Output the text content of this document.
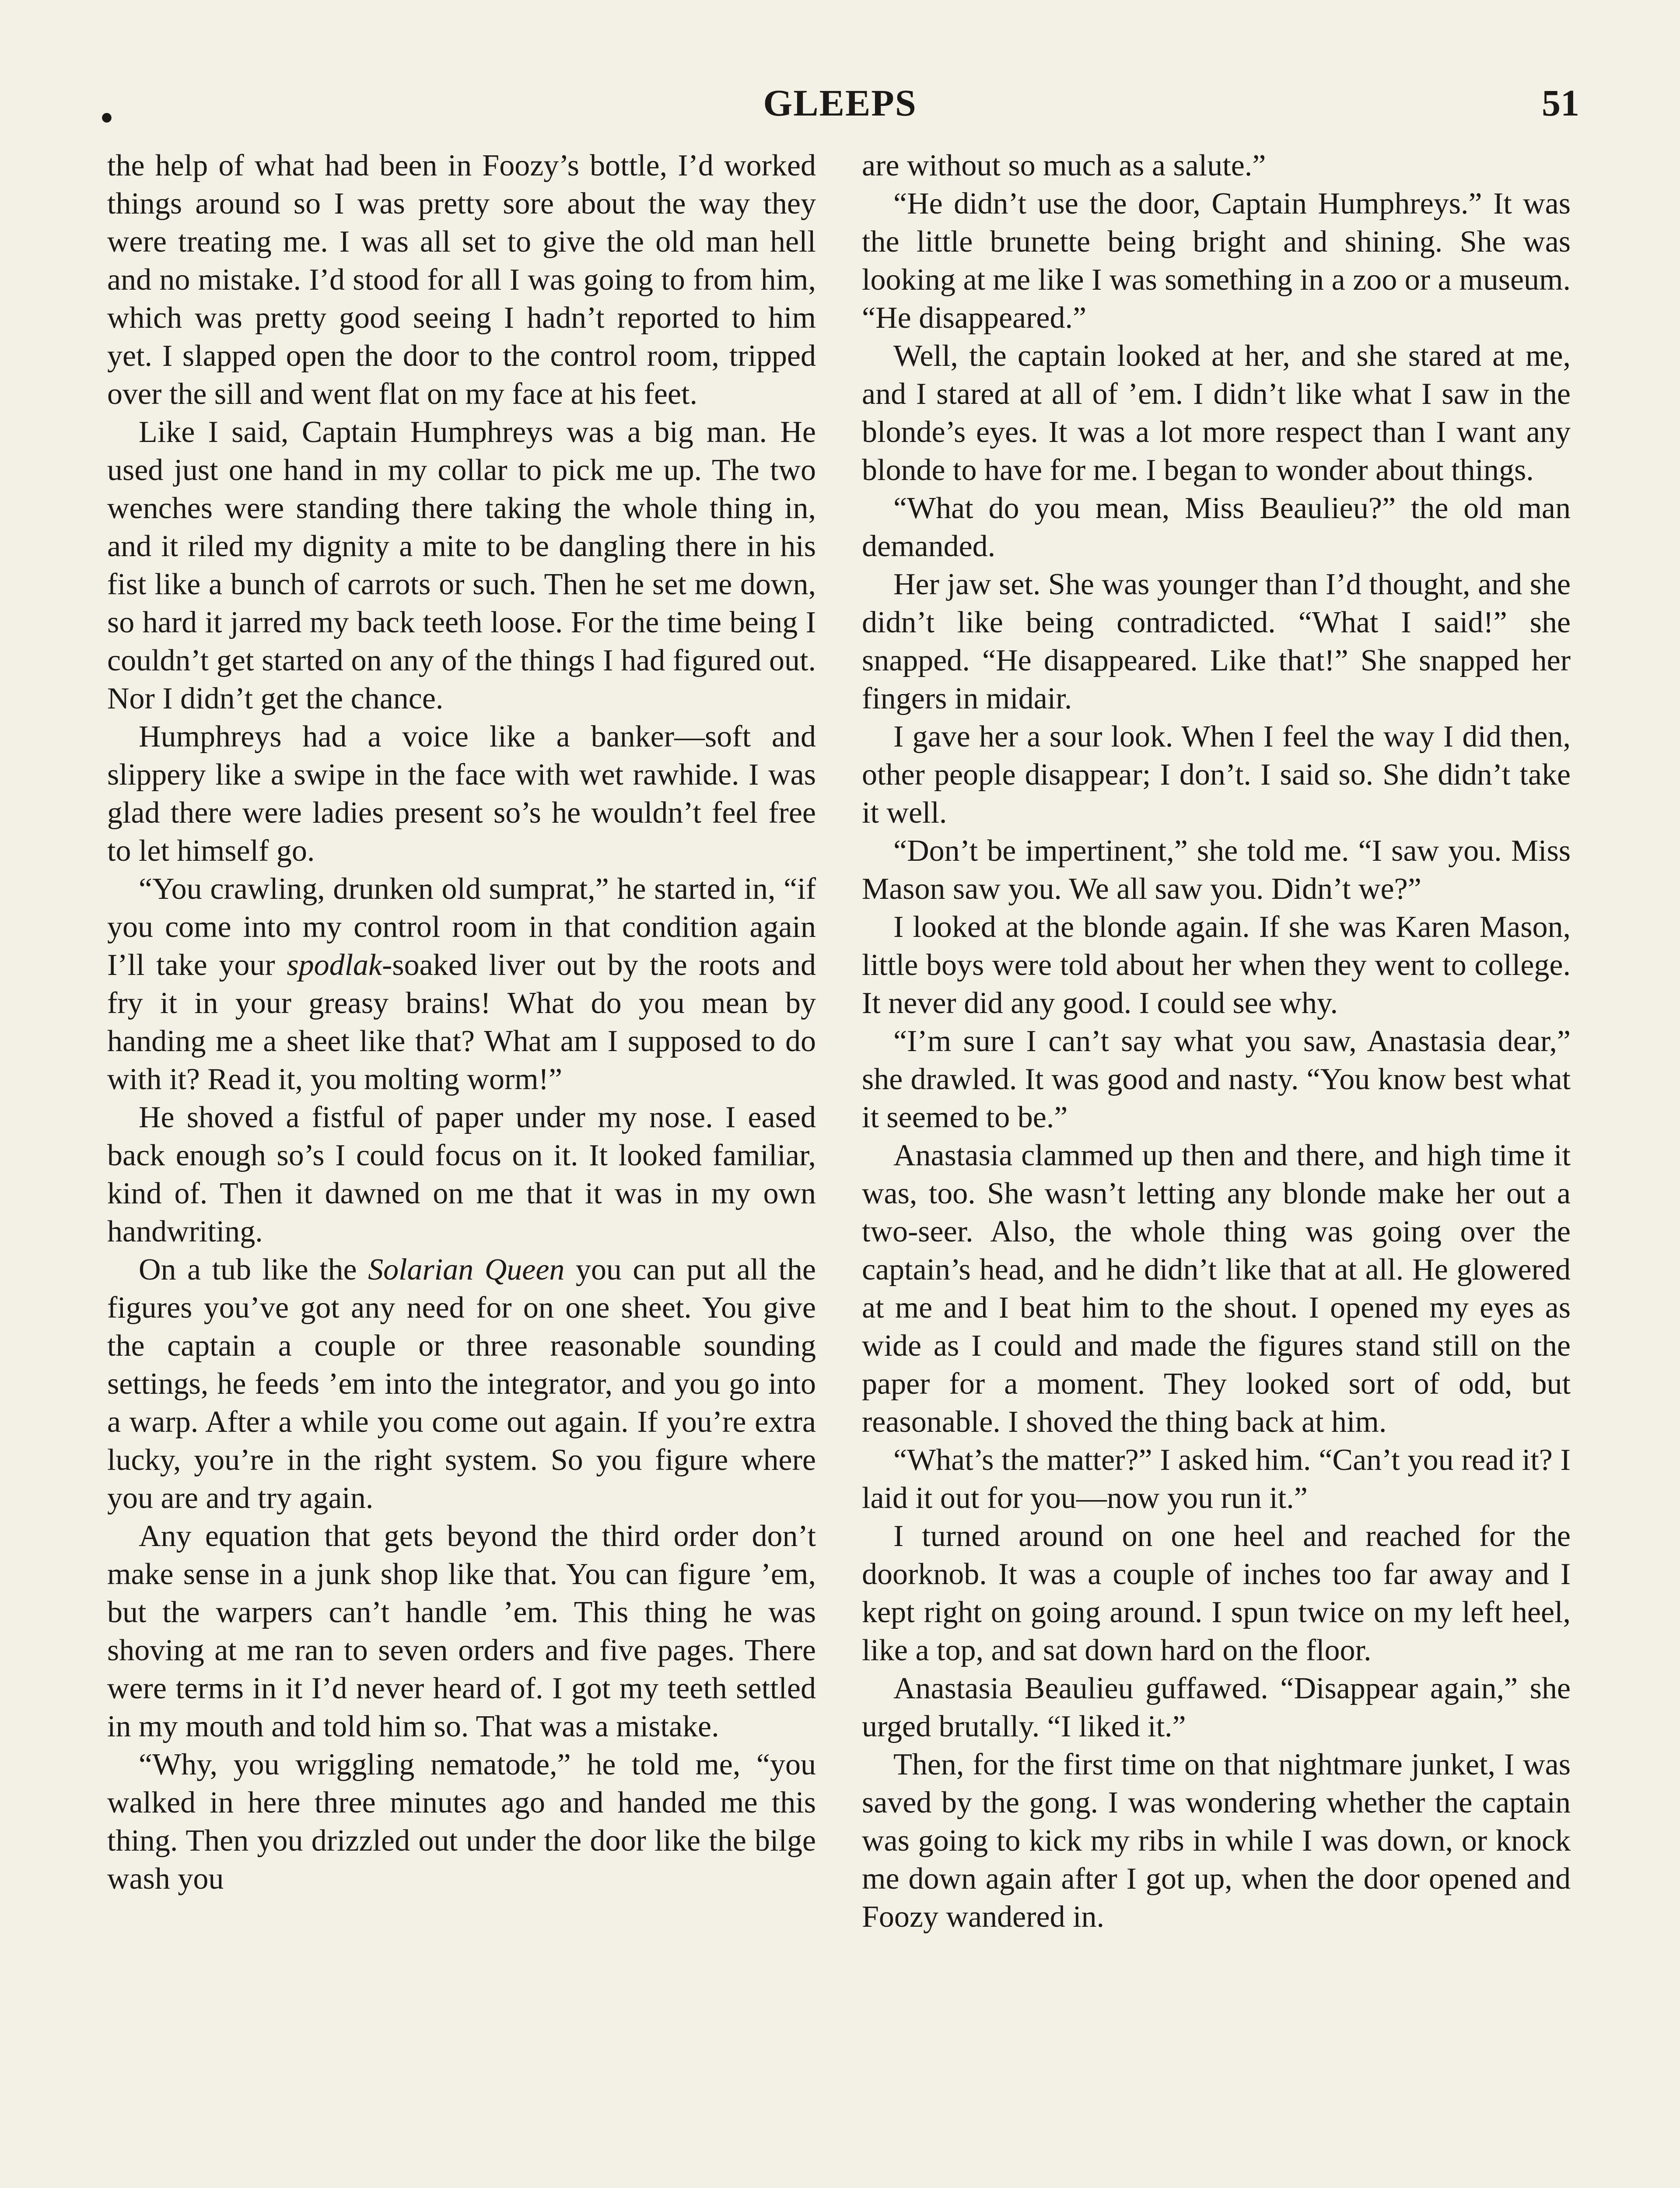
•	GLEEPS	51

the help of what had been in Foozy’s bottle, I’d worked things around so I was pretty sore about the way they were treating me. I was all set to give the old man hell and no mistake. I’d stood for all I was going to from him, which was pretty good seeing I hadn’t reported to him yet. I slapped open the door to the control room, tripped over the sill and went flat on my face at his feet.

Like I said, Captain Humphreys was a big man. He used just one hand in my collar to pick me up. The two wenches were standing there taking the whole thing in, and it riled my dignity a mite to be dangling there in his fist like a bunch of carrots or such. Then he set me down, so hard it jarred my back teeth loose. For the time being I couldn’t get started on any of the things I had figured out. Nor I didn’t get the chance.

Humphreys had a voice like a banker—soft and slippery like a swipe in the face with wet rawhide. I was glad there were ladies present so’s he wouldn’t feel free to let himself go.

“You crawling, drunken old sumprat,” he started in, “if you come into my control room in that condition again I’ll take your spodlak-soaked liver out by the roots and fry it in your greasy brains! What do you mean by handing me a sheet like that? What am I supposed to do with it? Read it, you molting worm!”

He shoved a fistful of paper under my nose. I eased back enough so’s I could focus on it. It looked familiar, kind of. Then it dawned on me that it was in my own handwriting.

On a tub like the Solarian Queen you can put all the figures you’ve got any need for on one sheet. You give the captain a couple or three reasonable sounding settings, he feeds ’em into the integrator, and you go into a warp. After a while you come out again. If you’re extra lucky, you’re in the right system. So you figure where you are and try again.

Any equation that gets beyond the third order don’t make sense in a junk shop like that. You can figure ’em, but the warpers can’t handle ’em. This thing he was shoving at me ran to seven orders and five pages. There were terms in it I’d never heard of. I got my teeth settled in my mouth and told him so. That was a mistake.

“Why, you wriggling nematode,” he told me, “you walked in here three minutes ago and handed me this thing. Then you drizzled out under the door like the bilge wash you

are without so much as a salute.”

“He didn’t use the door, Captain Humphreys.” It was the little brunette being bright and shining. She was looking at me like I was something in a zoo or a museum. “He disappeared.”

Well, the captain looked at her, and she stared at me, and I stared at all of ’em. I didn’t like what I saw in the blonde’s eyes. It was a lot more respect than I want any blonde to have for me. I began to wonder about things.

“What do you mean, Miss Beaulieu?” the old man demanded.

Her jaw set. She was younger than I’d thought, and she didn’t like being contradicted. “What I said!” she snapped. “He disappeared. Like that!” She snapped her fingers in midair.

I gave her a sour look. When I feel the way I did then, other people disappear; I don’t. I said so. She didn’t take it well.

“Don’t be impertinent,” she told me. “I saw you. Miss Mason saw you. We all saw you. Didn’t we?”

I looked at the blonde again. If she was Karen Mason, little boys were told about her when they went to college. It never did any good. I could see why.

“I’m sure I can’t say what you saw, Anastasia dear,” she drawled. It was good and nasty. “You know best what it seemed to be.”

Anastasia clammed up then and there, and high time it was, too. She wasn’t letting any blonde make her out a two-seer. Also, the whole thing was going over the captain’s head, and he didn’t like that at all. He glowered at me and I beat him to the shout. I opened my eyes as wide as I could and made the figures stand still on the paper for a moment. They looked sort of odd, but reasonable. I shoved the thing back at him.

“What’s the matter?” I asked him. “Can’t you read it? I laid it out for you—now you run it.”

I turned around on one heel and reached for the doorknob. It was a couple of inches too far away and I kept right on going around. I spun twice on my left heel, like a top, and sat down hard on the floor.

Anastasia Beaulieu guffawed. “Disappear again,” she urged brutally. “I liked it.”

Then, for the first time on that nightmare junket, I was saved by the gong. I was wondering whether the captain was going to kick my ribs in while I was down, or knock me down again after I got up, when the door opened and Foozy wandered in.
